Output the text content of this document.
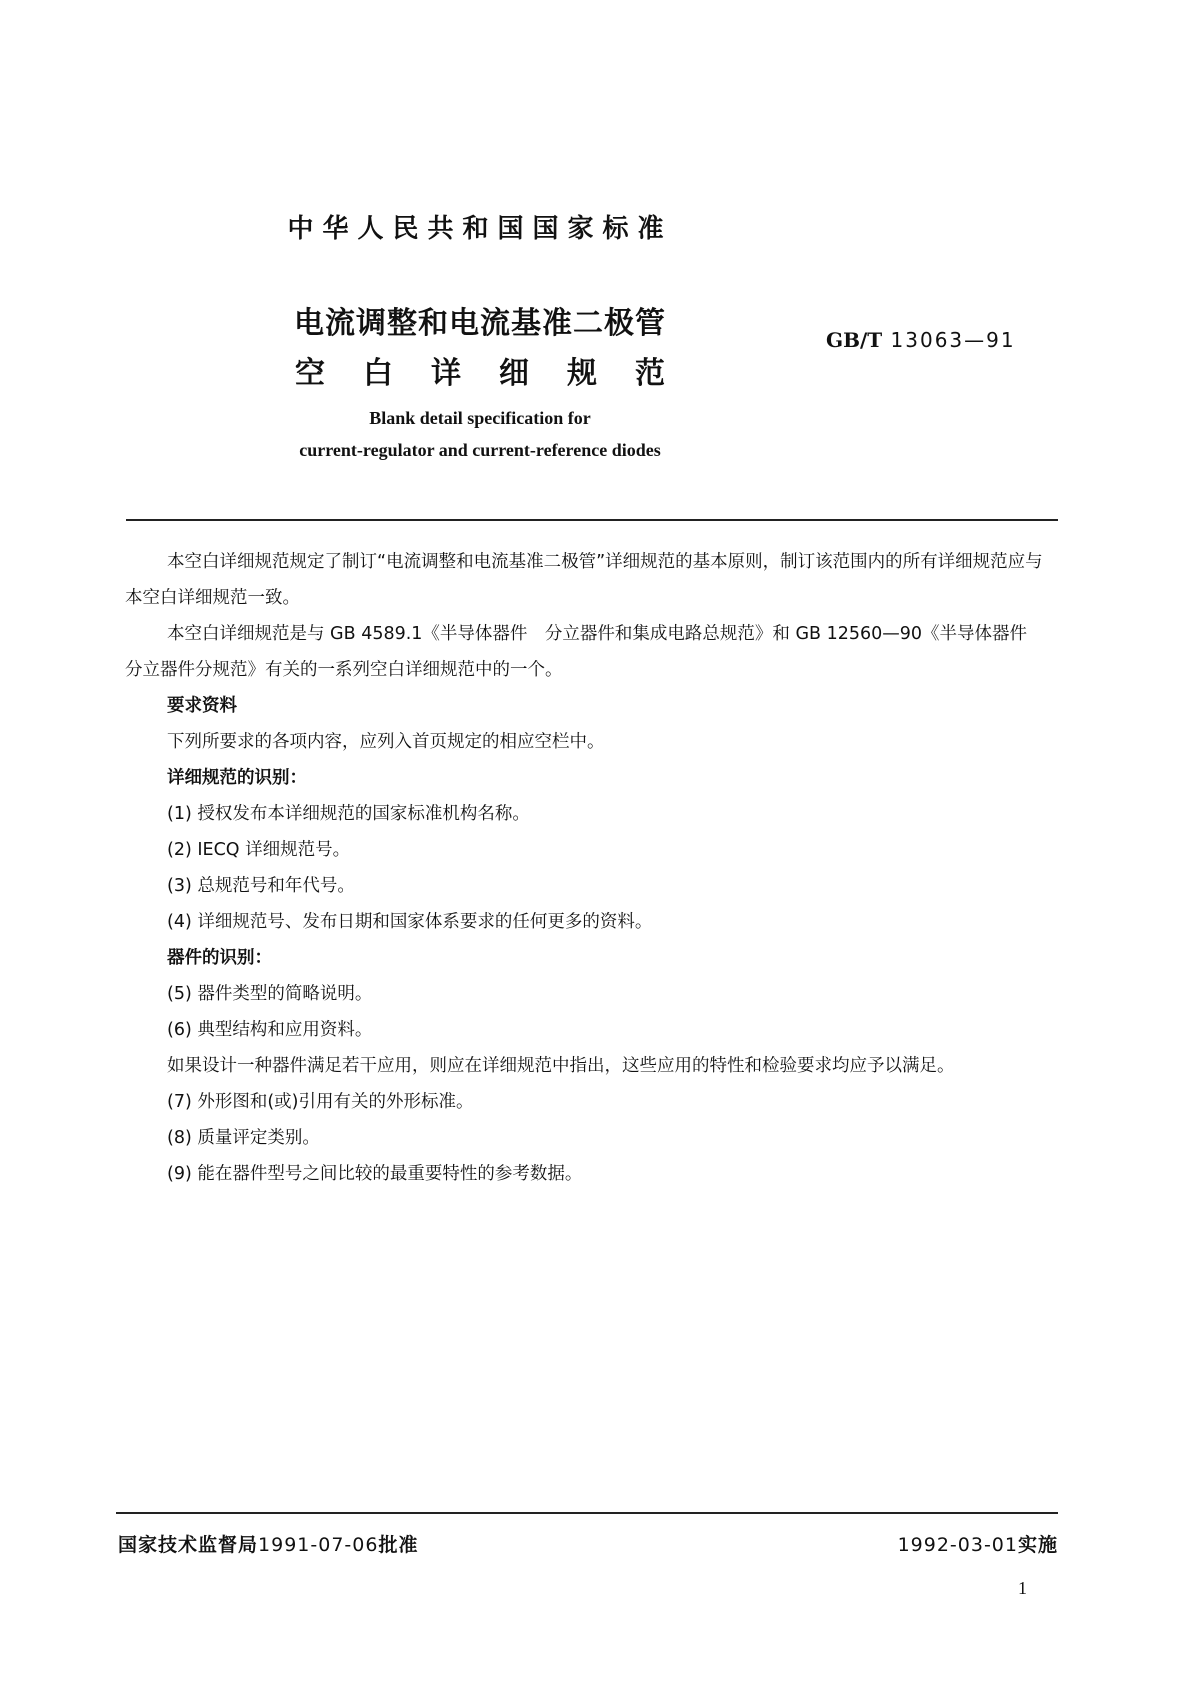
中华人民共和国国家标准
电流调整和电流基准二极管
空白详细规范
GB/T 13063—91
Blank detail specification for
current-regulator and current-reference diodes

本空白详细规范规定了制订“电流调整和电流基准二极管”详细规范的基本原则，制订该范围内的所有详细规范应与本空白详细规范一致。

本空白详细规范是与 GB 4589.1《半导体器件　分立器件和集成电路总规范》和 GB 12560—90《半导体器件　分立器件分规范》有关的一系列空白详细规范中的一个。

要求资料

下列所要求的各项内容，应列入首页规定的相应空栏中。

详细规范的识别：

(1) 授权发布本详细规范的国家标准机构名称。

(2) IECQ 详细规范号。

(3) 总规范号和年代号。

(4) 详细规范号、发布日期和国家体系要求的任何更多的资料。

器件的识别：

(5) 器件类型的简略说明。

(6) 典型结构和应用资料。

如果设计一种器件满足若干应用，则应在详细规范中指出，这些应用的特性和检验要求均应予以满足。

(7) 外形图和(或)引用有关的外形标准。

(8) 质量评定类别。

(9) 能在器件型号之间比较的最重要特性的参考数据。

国家技术监督局1991-07-06批准	1992-03-01实施
1
